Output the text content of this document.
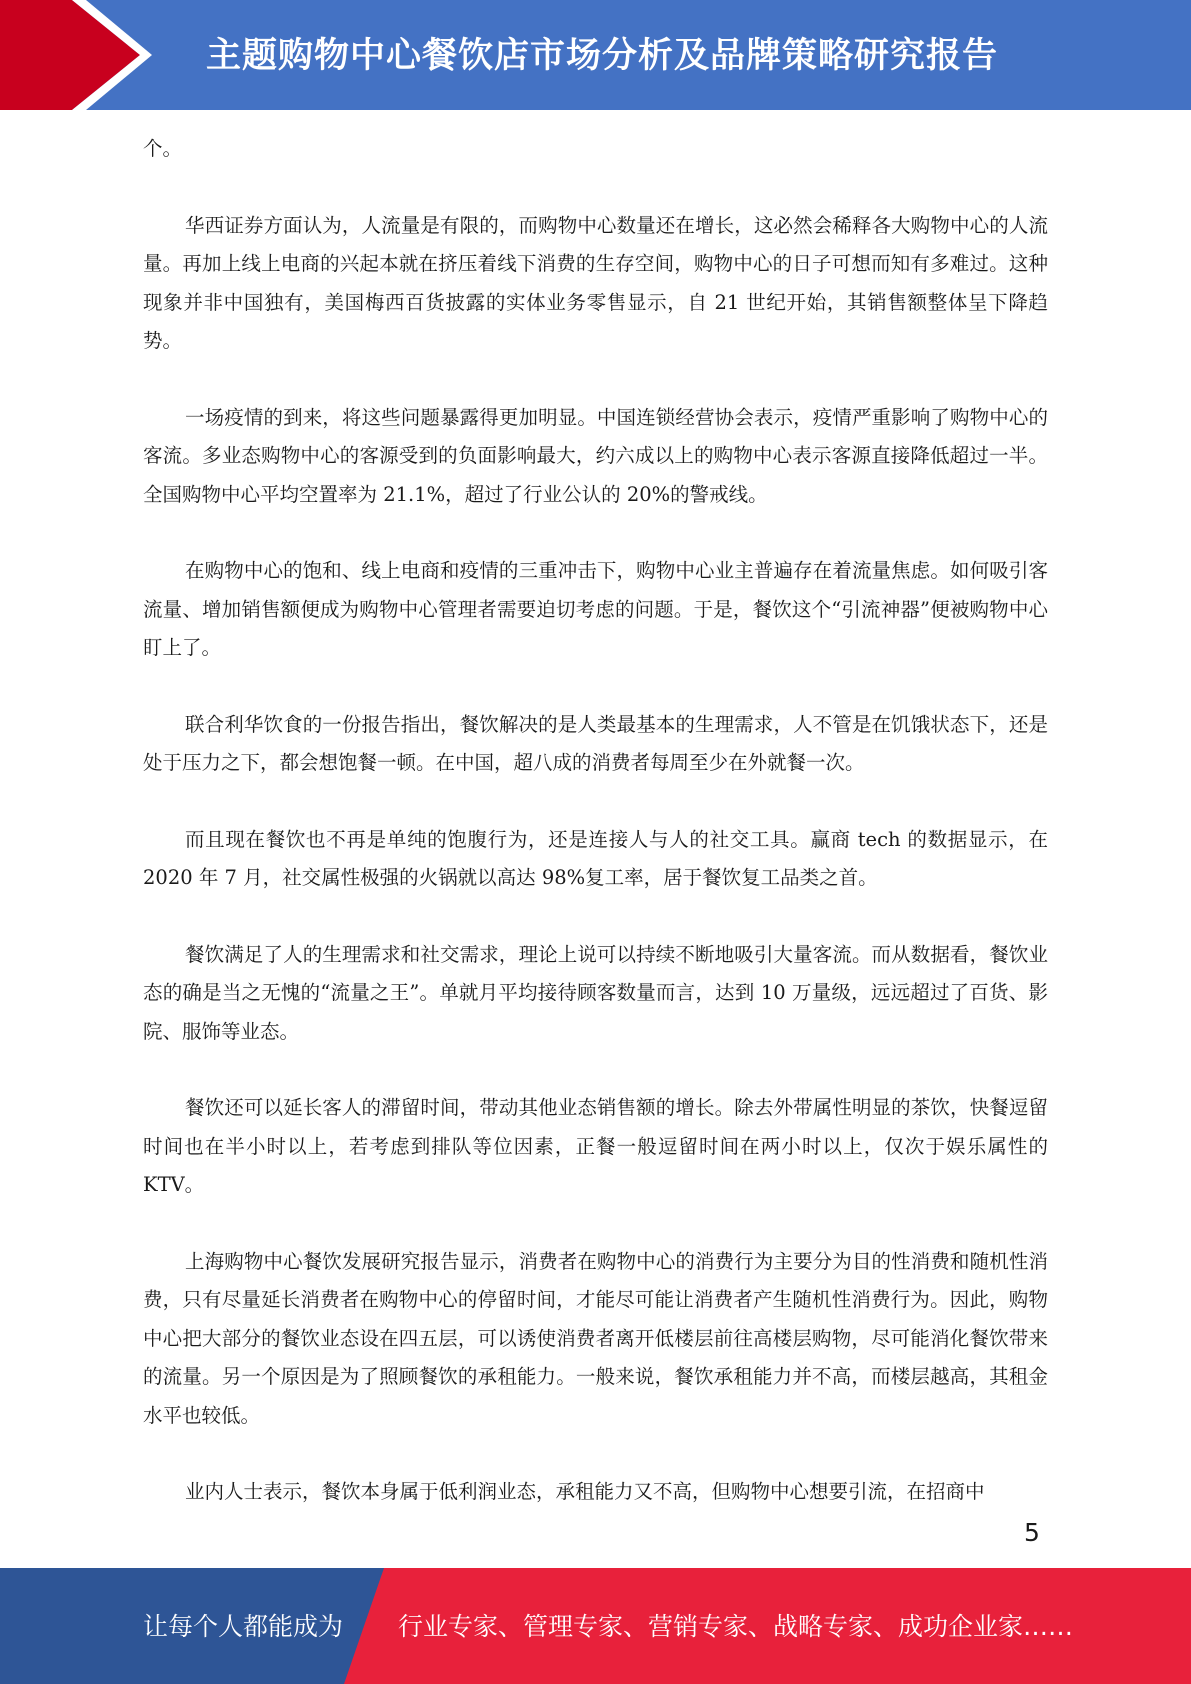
主题购物中心餐饮店市场分析及品牌策略研究报告

个。

华西证券方面认为，人流量是有限的，而购物中心数量还在增长，这必然会稀释各大购物中心的人流量。再加上线上电商的兴起本就在挤压着线下消费的生存空间，购物中心的日子可想而知有多难过。这种现象并非中国独有，美国梅西百货披露的实体业务零售显示，自 21 世纪开始，其销售额整体呈下降趋势。

一场疫情的到来，将这些问题暴露得更加明显。中国连锁经营协会表示，疫情严重影响了购物中心的客流。多业态购物中心的客源受到的负面影响最大，约六成以上的购物中心表示客源直接降低超过一半。全国购物中心平均空置率为 21.1%，超过了行业公认的 20%的警戒线。

在购物中心的饱和、线上电商和疫情的三重冲击下，购物中心业主普遍存在着流量焦虑。如何吸引客流量、增加销售额便成为购物中心管理者需要迫切考虑的问题。于是，餐饮这个“引流神器”便被购物中心盯上了。

联合利华饮食的一份报告指出，餐饮解决的是人类最基本的生理需求，人不管是在饥饿状态下，还是处于压力之下，都会想饱餐一顿。在中国，超八成的消费者每周至少在外就餐一次。

而且现在餐饮也不再是单纯的饱腹行为，还是连接人与人的社交工具。赢商 tech 的数据显示，在 2020 年 7 月，社交属性极强的火锅就以高达 98%复工率，居于餐饮复工品类之首。

餐饮满足了人的生理需求和社交需求，理论上说可以持续不断地吸引大量客流。而从数据看，餐饮业态的确是当之无愧的“流量之王”。单就月平均接待顾客数量而言，达到 10 万量级，远远超过了百货、影院、服饰等业态。

餐饮还可以延长客人的滞留时间，带动其他业态销售额的增长。除去外带属性明显的茶饮，快餐逗留时间也在半小时以上，若考虑到排队等位因素，正餐一般逗留时间在两小时以上，仅次于娱乐属性的 KTV。

上海购物中心餐饮发展研究报告显示，消费者在购物中心的消费行为主要分为目的性消费和随机性消费，只有尽量延长消费者在购物中心的停留时间，才能尽可能让消费者产生随机性消费行为。因此，购物中心把大部分的餐饮业态设在四五层，可以诱使消费者离开低楼层前往高楼层购物，尽可能消化餐饮带来的流量。另一个原因是为了照顾餐饮的承租能力。一般来说，餐饮承租能力并不高，而楼层越高，其租金水平也较低。

业内人士表示，餐饮本身属于低利润业态，承租能力又不高，但购物中心想要引流，在招商中

5
让每个人都能成为 行业专家、管理专家、营销专家、战略专家、成功企业家……
